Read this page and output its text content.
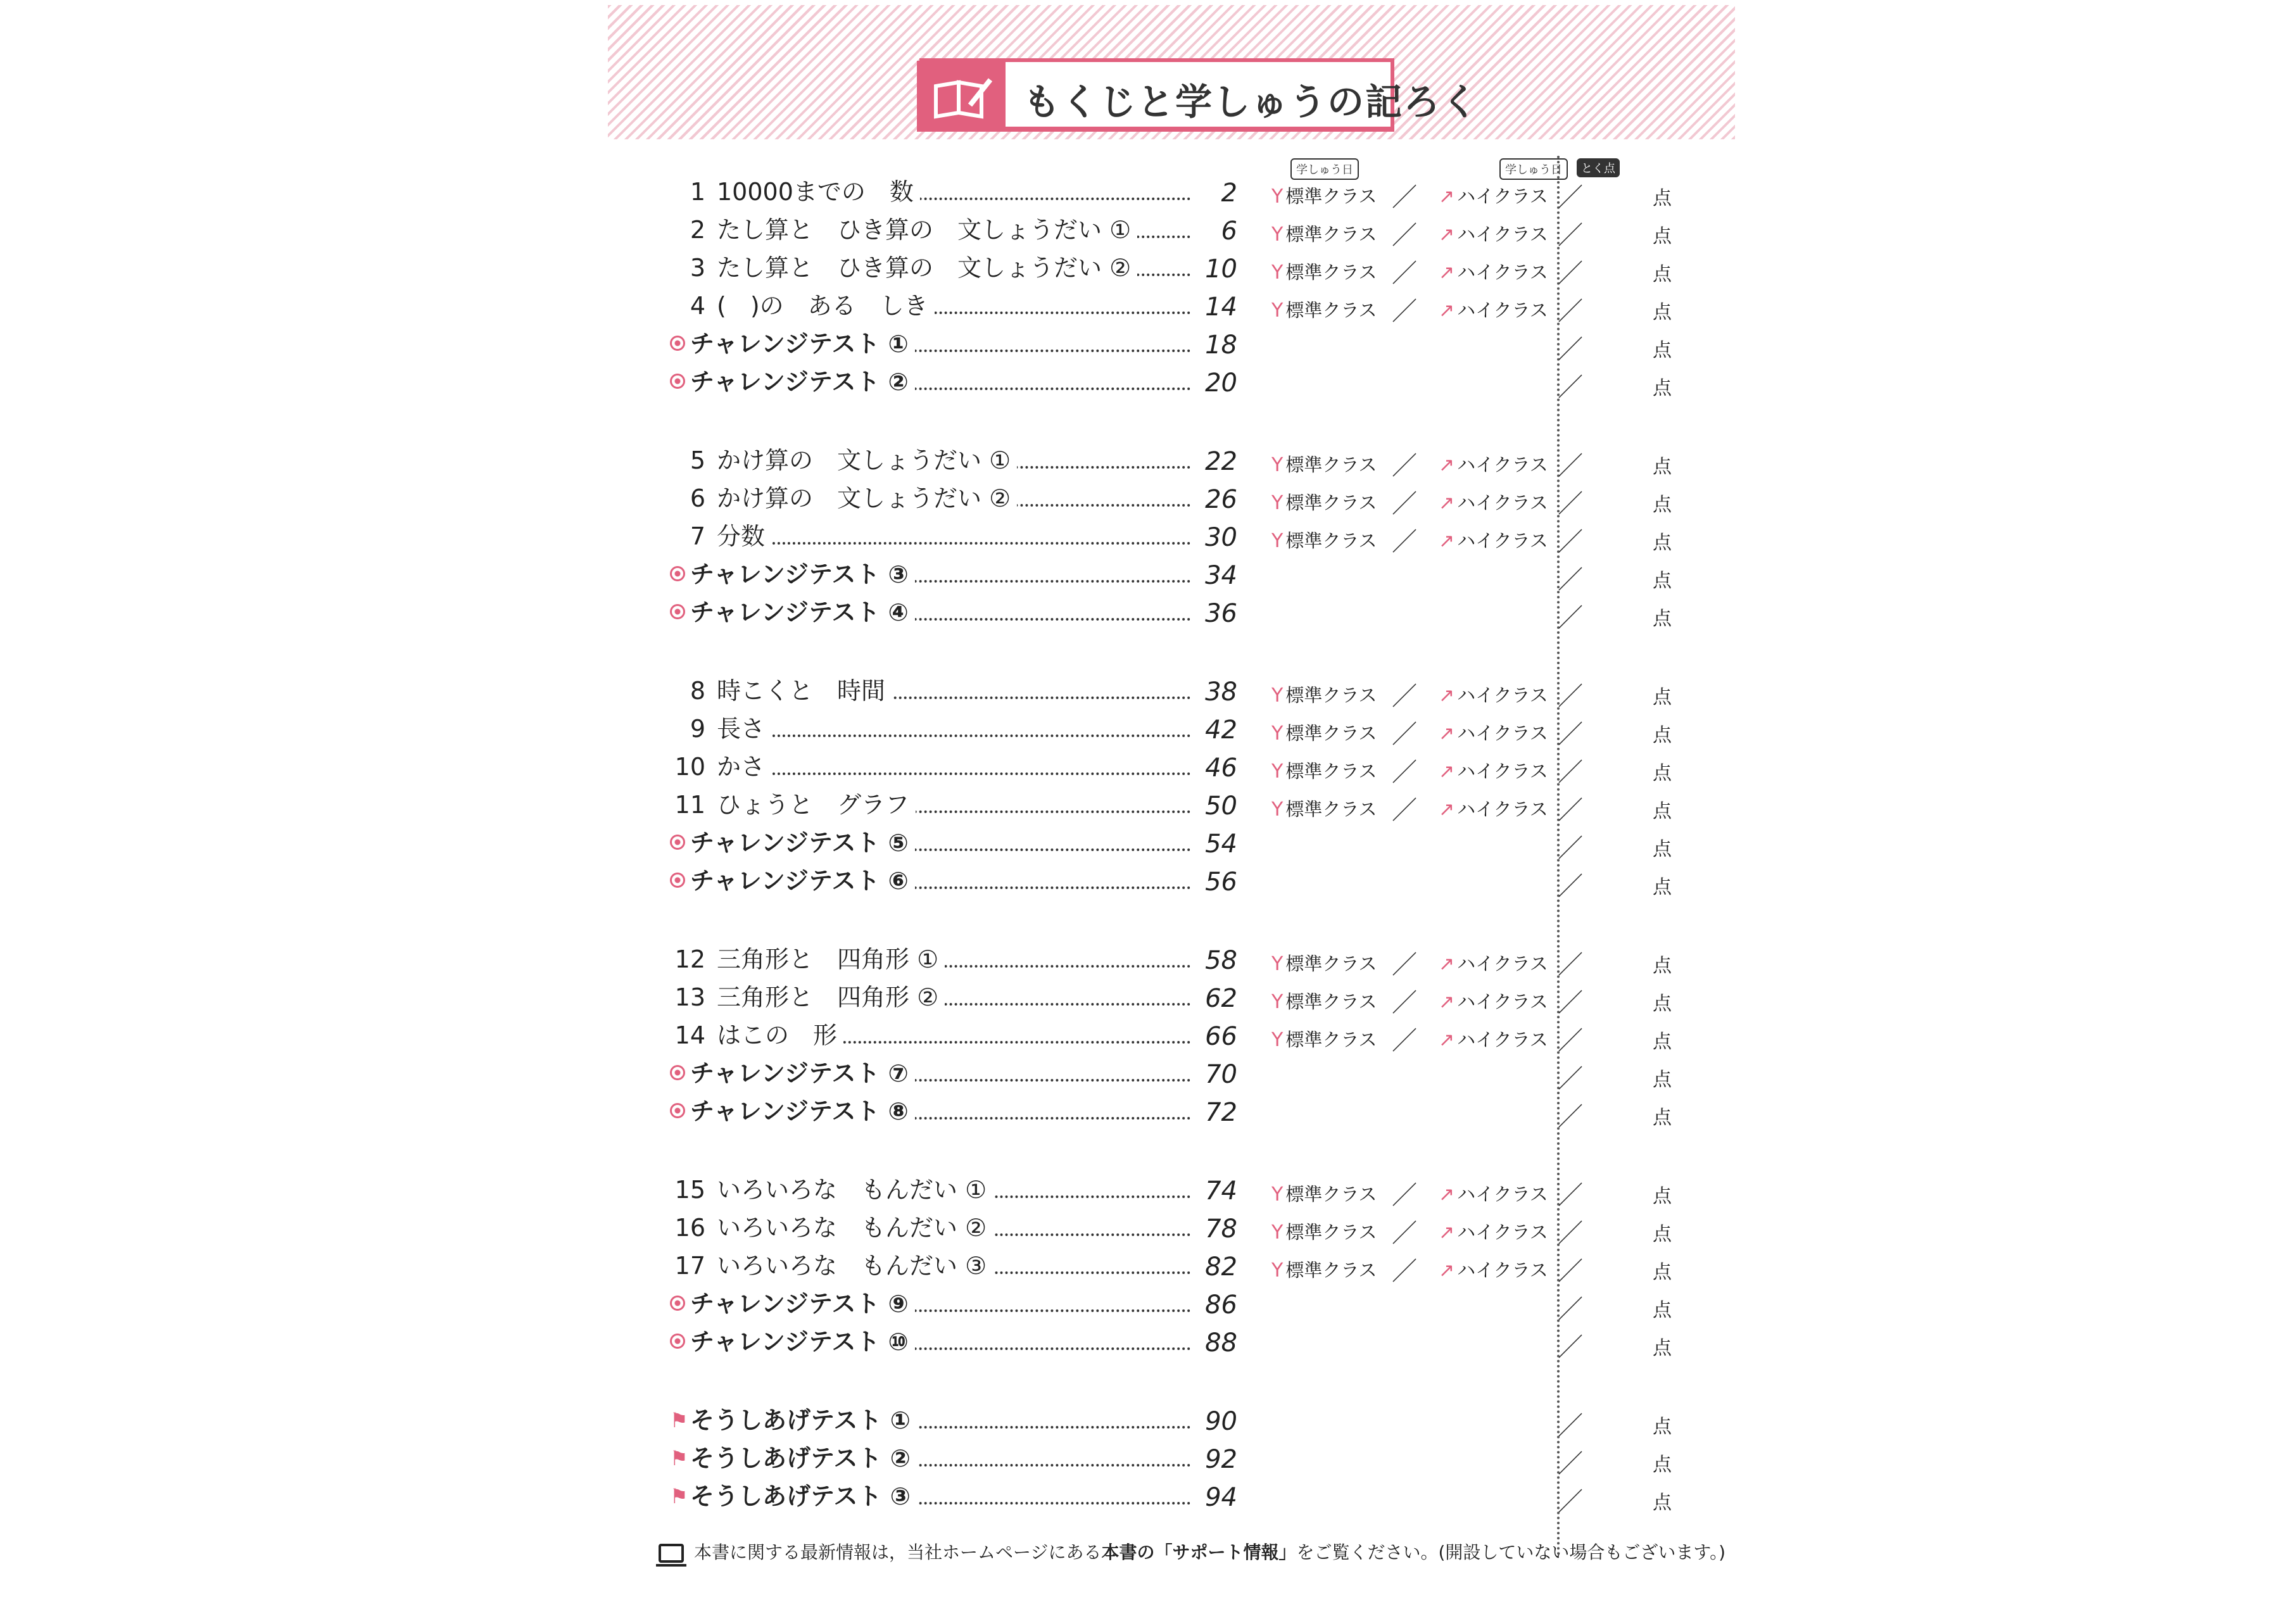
もくじと学しゅうの記ろく
学しゅう日	学しゅう日	とく点
1 10000までの　数	2 Y 標準クラス ／ ↗ ハイクラス ／	点
2 たし算と　ひき算の　文しょうだい ①	6 Y 標準クラス ／ ↗ ハイクラス ／	点
3 たし算と　ひき算の　文しょうだい ②	10 Y 標準クラス ／ ↗ ハイクラス ／	点
4 (　)の　ある　しき	14 Y 標準クラス ／ ↗ ハイクラス ／	点
チャレンジテスト ①	18	／	点
チャレンジテスト ②	20	／	点
5 かけ算の　文しょうだい ①	22 Y 標準クラス ／ ↗ ハイクラス ／	点
6 かけ算の　文しょうだい ②	26 Y 標準クラス ／ ↗ ハイクラス ／	点
7 分数	30 Y 標準クラス ／ ↗ ハイクラス ／	点
チャレンジテスト ③	34	／	点
チャレンジテスト ④	36	／	点
8 時こくと　時間	38 Y 標準クラス ／ ↗ ハイクラス ／	点
9 長さ	42 Y 標準クラス ／ ↗ ハイクラス ／	点
10 かさ	46 Y 標準クラス ／ ↗ ハイクラス ／	点
11 ひょうと　グラフ	50 Y 標準クラス ／ ↗ ハイクラス ／	点
チャレンジテスト ⑤	54	／	点
チャレンジテスト ⑥	56	／	点
12 三角形と　四角形 ①	58 Y 標準クラス ／ ↗ ハイクラス ／	点
13 三角形と　四角形 ②	62 Y 標準クラス ／ ↗ ハイクラス ／	点
14 はこの　形	66 Y 標準クラス ／ ↗ ハイクラス ／	点
チャレンジテスト ⑦	70	／	点
チャレンジテスト ⑧	72	／	点
15 いろいろな　もんだい ①	74 Y 標準クラス ／ ↗ ハイクラス ／	点
16 いろいろな　もんだい ②	78 Y 標準クラス ／ ↗ ハイクラス ／	点
17 いろいろな　もんだい ③	82 Y 標準クラス ／ ↗ ハイクラス ／	点
チャレンジテスト ⑨	86	／	点
チャレンジテスト ⑩	88	／	点
⚑ そうしあげテスト ①	90	／	点
⚑ そうしあげテスト ②	92	／	点
⚑ そうしあげテスト ③	94	／	点
本書に関する最新情報は，当社ホームページにある本書の「サポート情報」をご覧ください。(開設していない場合もございます。)
